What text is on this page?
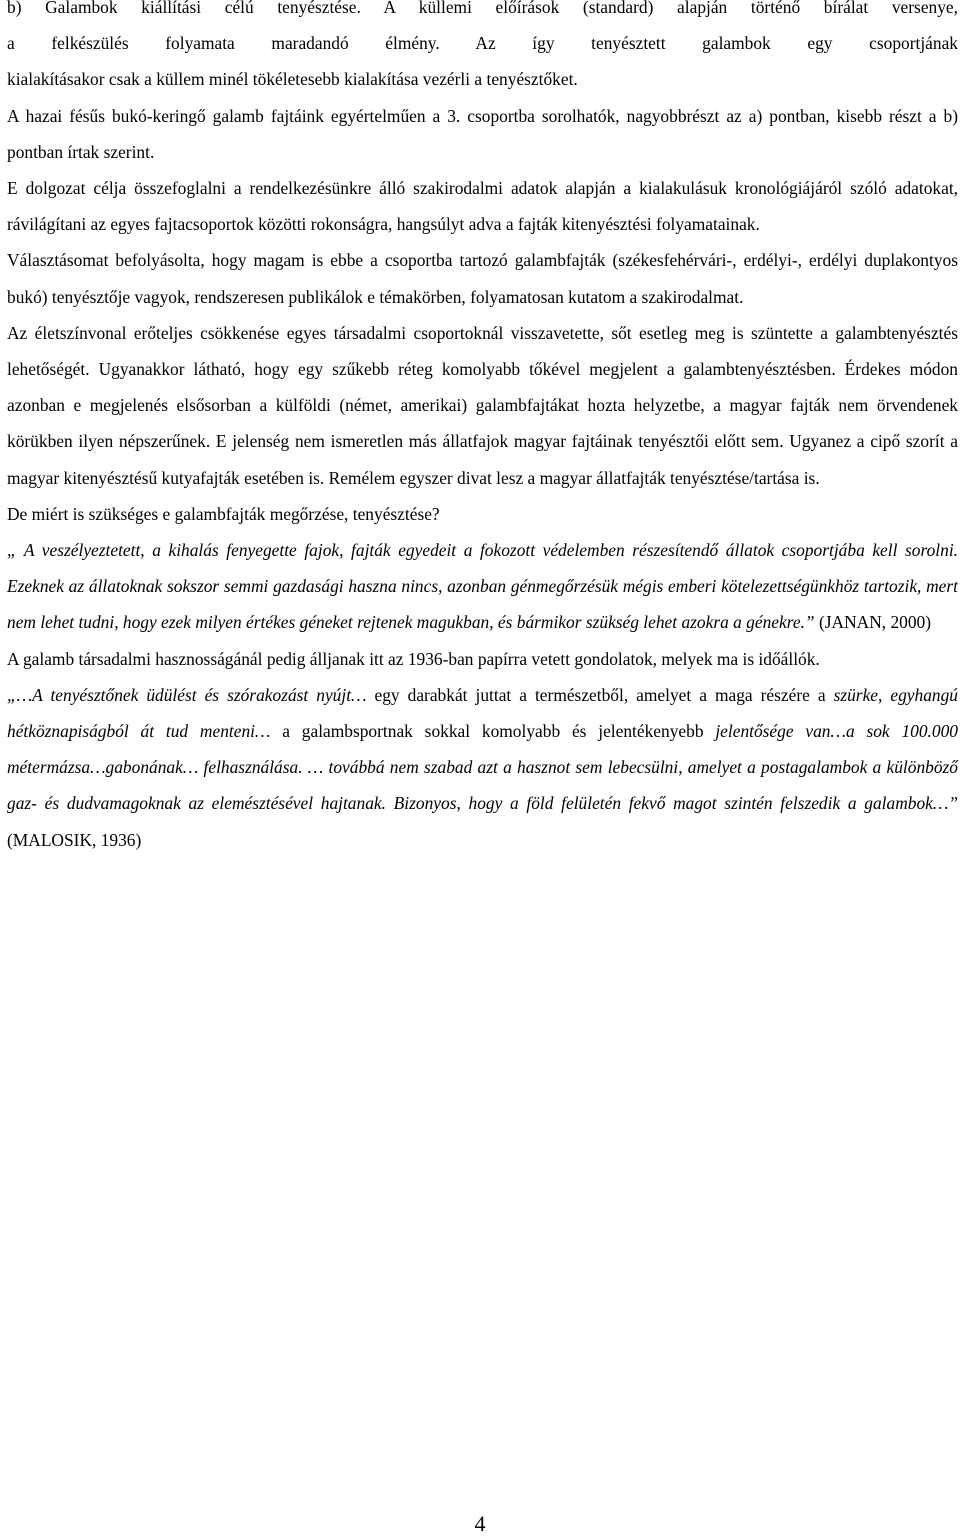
b) Galambok kiállítási célú tenyésztése. A küllemi előírások (standard) alapján történő bírálat versenye,
a felkészülés folyamata maradandó élmény. Az így tenyésztett galambok egy csoportjának
kialakításakor csak a küllem minél tökéletesebb kialakítása vezérli a tenyésztőket.

A hazai fésűs bukó-keringő galamb fajtáink egyértelműen a 3. csoportba sorolhatók, nagyobbrészt az a) pontban, kisebb részt a b) pontban írtak szerint.

E dolgozat célja összefoglalni a rendelkezésünkre álló szakirodalmi adatok alapján a kialakulásuk kronológiájáról szóló adatokat, rávilágítani az egyes fajtacsoportok közötti rokonságra, hangsúlyt adva a fajták kitenyésztési folyamatainak.

Választásomat befolyásolta, hogy magam is ebbe a csoportba tartozó galambfajták (székesfehérvári-, erdélyi-, erdélyi duplakontyos bukó) tenyésztője vagyok, rendszeresen publikálok e témakörben, folyamatosan kutatom a szakirodalmat.

Az életszínvonal erőteljes csökkenése egyes társadalmi csoportoknál visszavetette, sőt esetleg meg is szüntette a galambtenyésztés lehetőségét. Ugyanakkor látható, hogy egy szűkebb réteg komolyabb tőkével megjelent a galambtenyésztésben. Érdekes módon azonban e megjelenés elsősorban a külföldi (német, amerikai) galambfajtákat hozta helyzetbe, a magyar fajták nem örvendenek körükben ilyen népszerűnek. E jelenség nem ismeretlen más állatfajok magyar fajtáinak tenyésztői előtt sem. Ugyanez a cipő szorít a magyar kitenyésztésű kutyafajták esetében is. Remélem egyszer divat lesz a magyar állatfajták tenyésztése/tartása is.

De miért is szükséges e galambfajták megőrzése, tenyésztése?

„ A veszélyeztetett, a kihalás fenyegette fajok, fajták egyedeit a fokozott védelemben részesítendő állatok csoportjába kell sorolni. Ezeknek az állatoknak sokszor semmi gazdasági haszna nincs, azonban génmegőrzésük mégis emberi kötelezettségünkhöz tartozik, mert nem lehet tudni, hogy ezek milyen értékes géneket rejtenek magukban, és bármikor szükség lehet azokra a génekre.” (JANAN, 2000)

A galamb társadalmi hasznosságánál pedig álljanak itt az 1936-ban papírra vetett gondolatok, melyek ma is időállók.

„…A tenyésztőnek üdülést és szórakozást nyújt… egy darabkát juttat a természetből, amelyet a maga részére a szürke, egyhangú hétköznapiságból át tud menteni… a galambsportnak sokkal komolyabb és jelentékenyebb jelentősége van…a sok 100.000 métermázsa…gabonának… felhasználása. … továbbá nem szabad azt a hasznot sem lebecsülni, amelyet a postagalambok a különböző gaz- és dudvamagoknak az elemésztésével hajtanak. Bizonyos, hogy a föld felületén fekvő magot szintén felszedik a galambok…” (MALOSIK, 1936)

4
